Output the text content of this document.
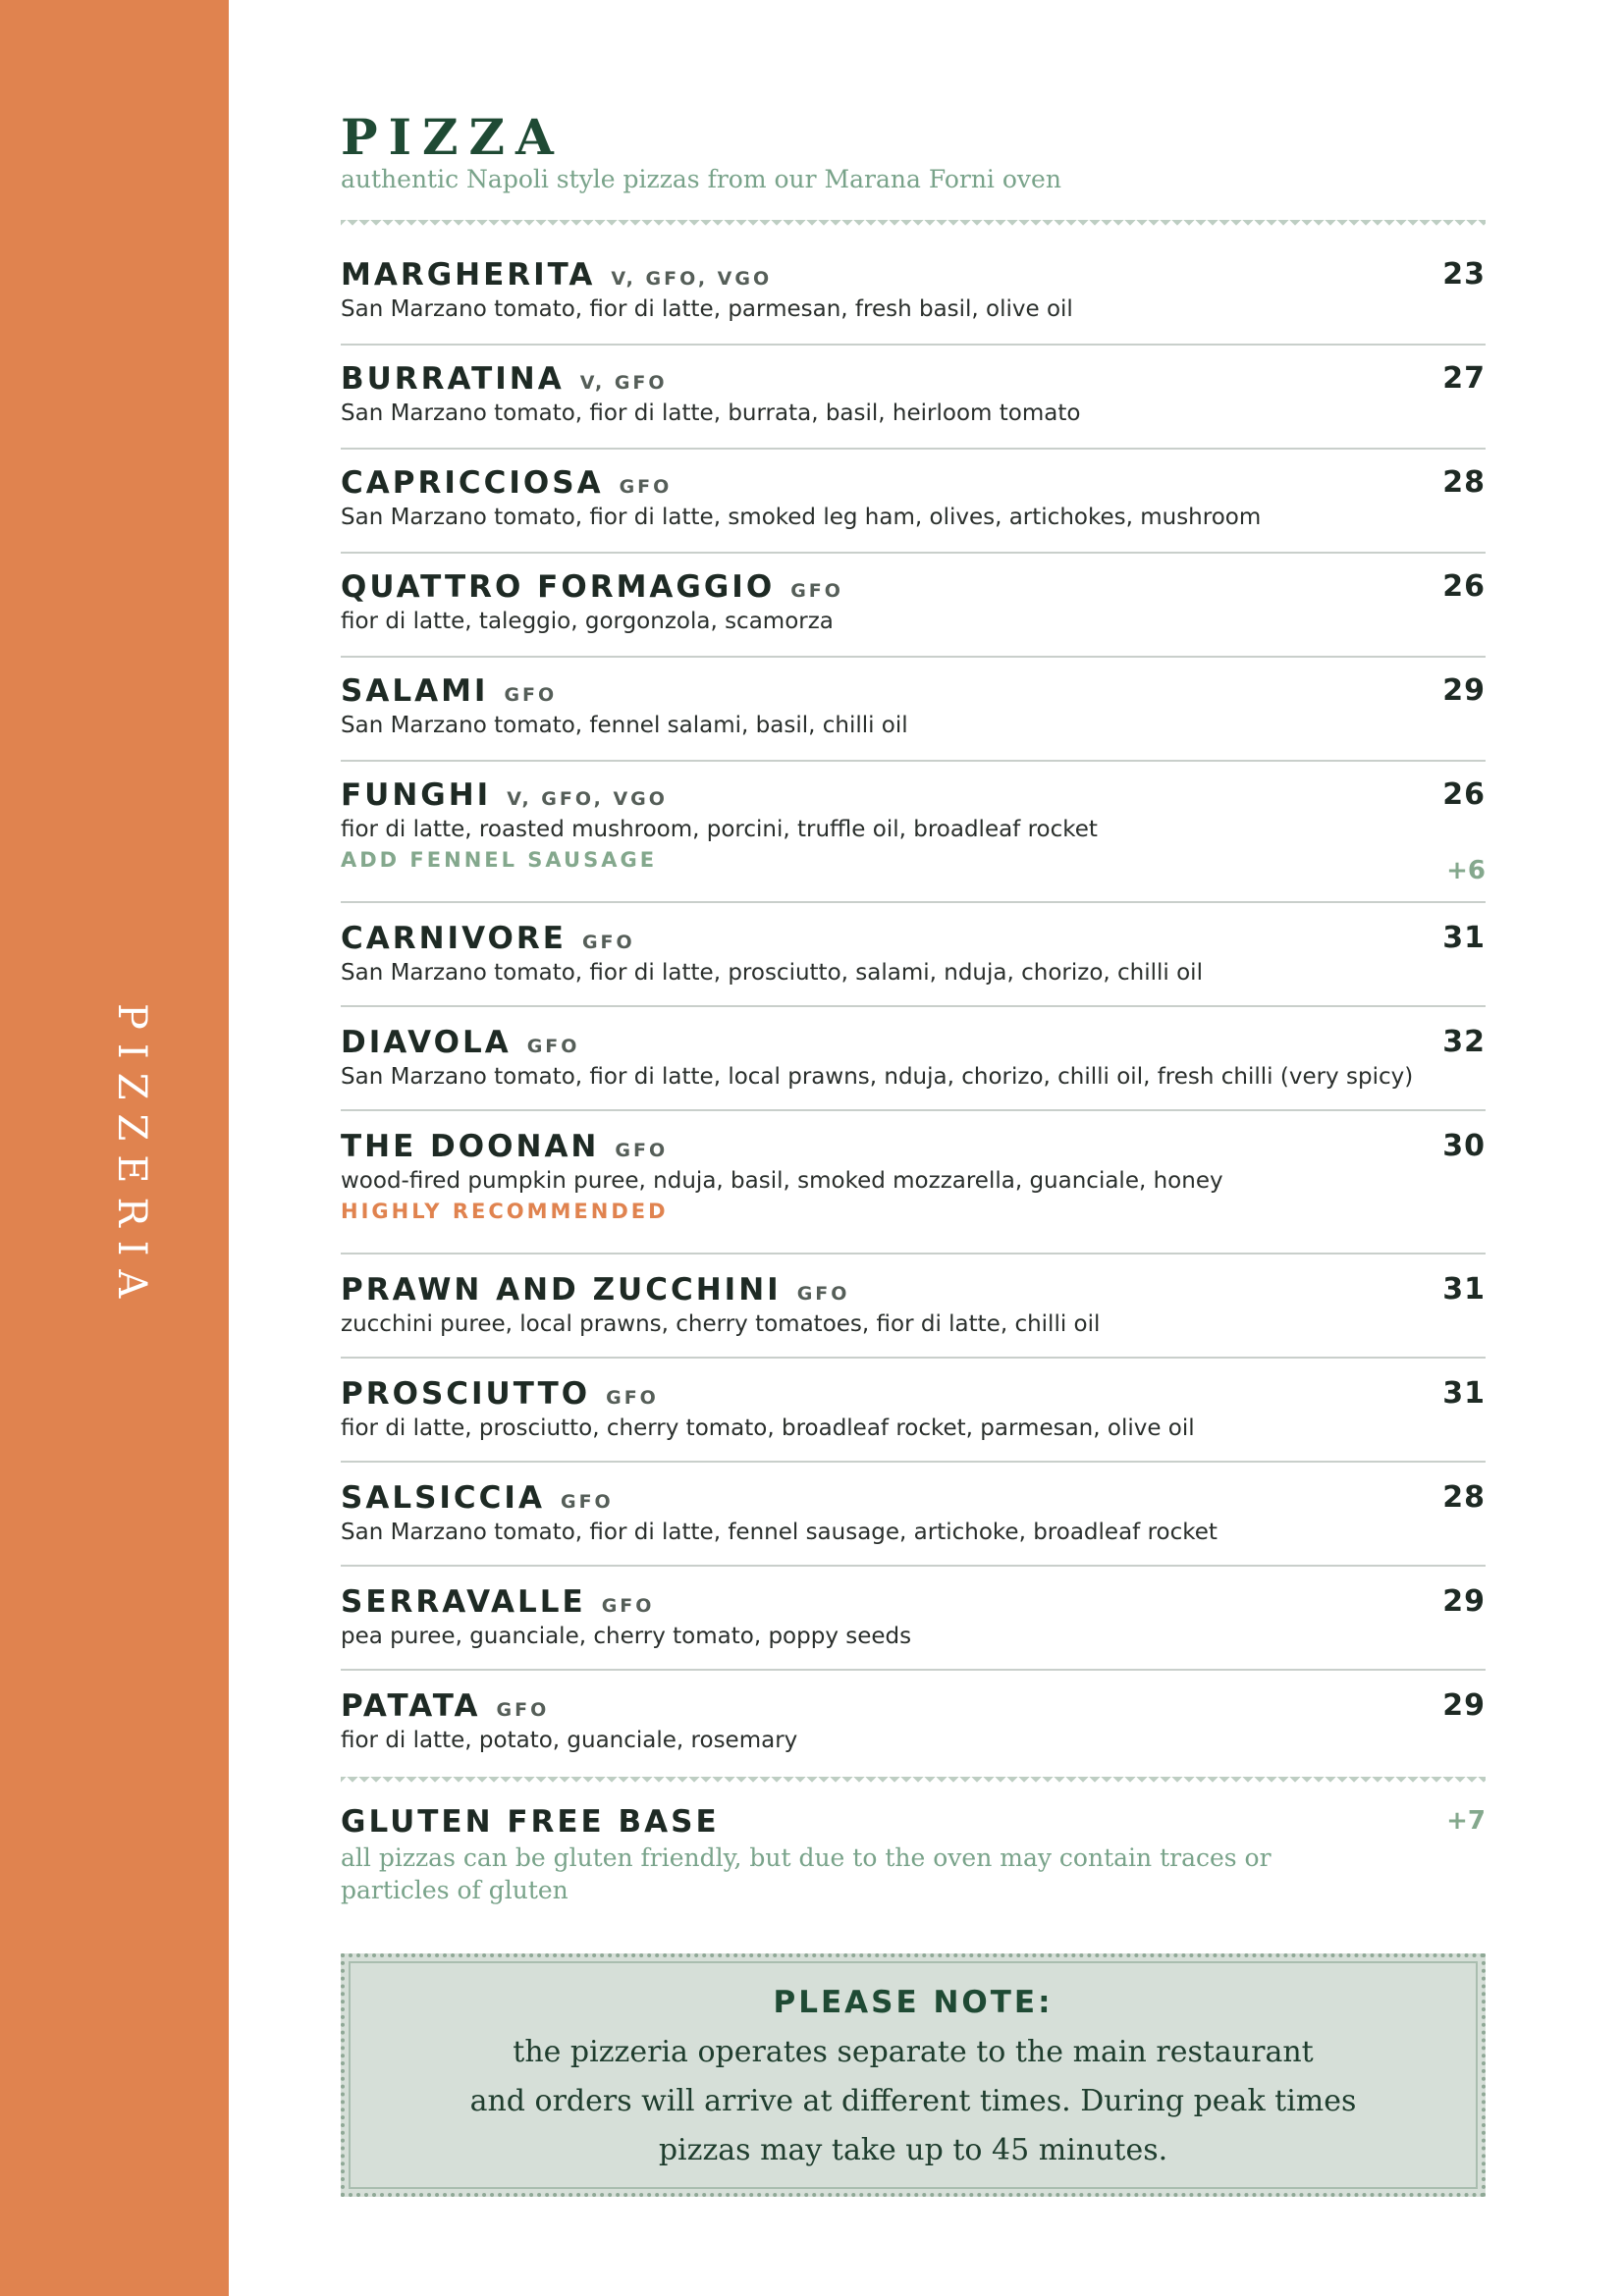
PIZZERIA
PIZZA
authentic Napoli style pizzas from our Marana Forni oven
MARGHERITA V, GFO, VGO	23
San Marzano tomato, fior di latte, parmesan, fresh basil, olive oil
BURRATINA V, GFO	27
San Marzano tomato, fior di latte, burrata, basil, heirloom tomato
CAPRICCIOSA GFO	28
San Marzano tomato, fior di latte, smoked leg ham, olives, artichokes, mushroom
QUATTRO FORMAGGIO GFO	26
fior di latte, taleggio, gorgonzola, scamorza
SALAMI GFO	29
San Marzano tomato, fennel salami, basil, chilli oil
FUNGHI V, GFO, VGO	26
fior di latte, roasted mushroom, porcini, truffle oil, broadleaf rocket
ADD FENNEL SAUSAGE	+6
CARNIVORE GFO	31
San Marzano tomato, fior di latte, prosciutto, salami, nduja, chorizo, chilli oil
DIAVOLA GFO	32
San Marzano tomato, fior di latte, local prawns, nduja, chorizo, chilli oil, fresh chilli (very spicy)
THE DOONAN GFO	30
wood-fired pumpkin puree, nduja, basil, smoked mozzarella, guanciale, honey
HIGHLY RECOMMENDED
PRAWN AND ZUCCHINI GFO	31
zucchini puree, local prawns, cherry tomatoes, fior di latte, chilli oil
PROSCIUTTO GFO	31
fior di latte, prosciutto, cherry tomato, broadleaf rocket, parmesan, olive oil
SALSICCIA GFO	28
San Marzano tomato, fior di latte, fennel sausage, artichoke, broadleaf rocket
SERRAVALLE GFO	29
pea puree, guanciale, cherry tomato, poppy seeds
PATATA GFO	29
fior di latte, potato, guanciale, rosemary
GLUTEN FREE BASE	+7
all pizzas can be gluten friendly, but due to the oven may contain traces or particles of gluten
PLEASE NOTE:
the pizzeria operates separate to the main restaurant
and orders will arrive at different times. During peak times
pizzas may take up to 45 minutes.
